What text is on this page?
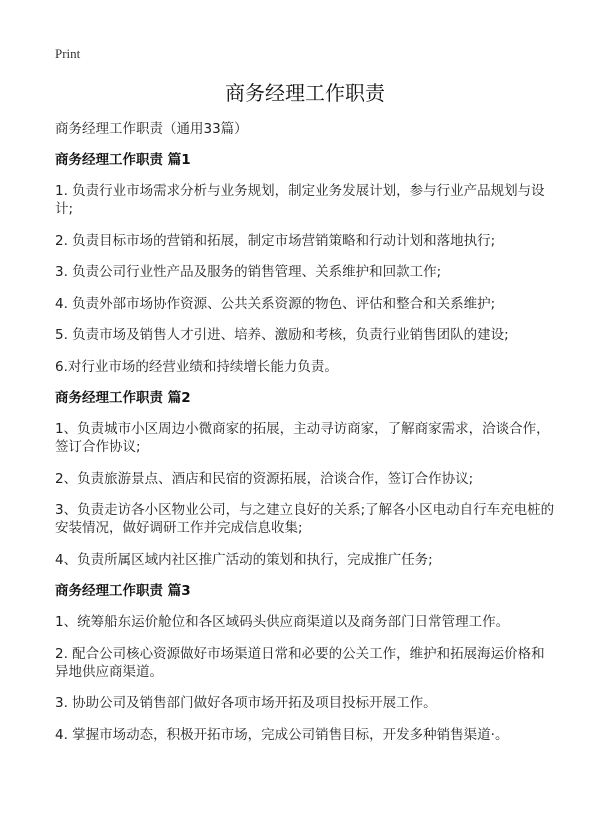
Print
商务经理工作职责
商务经理工作职责（通用33篇）
商务经理工作职责 篇1
1. 负责行业市场需求分析与业务规划，制定业务发展计划，参与行业产品规划与设计;
2. 负责目标市场的营销和拓展，制定市场营销策略和行动计划和落地执行;
3. 负责公司行业性产品及服务的销售管理、关系维护和回款工作;
4. 负责外部市场协作资源、公共关系资源的物色、评估和整合和关系维护;
5. 负责市场及销售人才引进、培养、激励和考核，负责行业销售团队的建设;
6.对行业市场的经营业绩和持续增长能力负责。
商务经理工作职责 篇2
1、负责城市小区周边小微商家的拓展，主动寻访商家，了解商家需求，洽谈合作，签订合作协议;
2、负责旅游景点、酒店和民宿的资源拓展，洽谈合作，签订合作协议;
3、负责走访各小区物业公司，与之建立良好的关系;了解各小区电动自行车充电桩的安装情况，做好调研工作并完成信息收集;
4、负责所属区域内社区推广活动的策划和执行，完成推广任务;
商务经理工作职责 篇3
1、统筹船东运价舱位和各区域码头供应商渠道以及商务部门日常管理工作。
2. 配合公司核心资源做好市场渠道日常和必要的公关工作，维护和拓展海运价格和异地供应商渠道。
3. 协助公司及销售部门做好各项市场开拓及项目投标开展工作。
4. 掌握市场动态，积极开拓市场，完成公司销售目标，开发多种销售渠道·。
